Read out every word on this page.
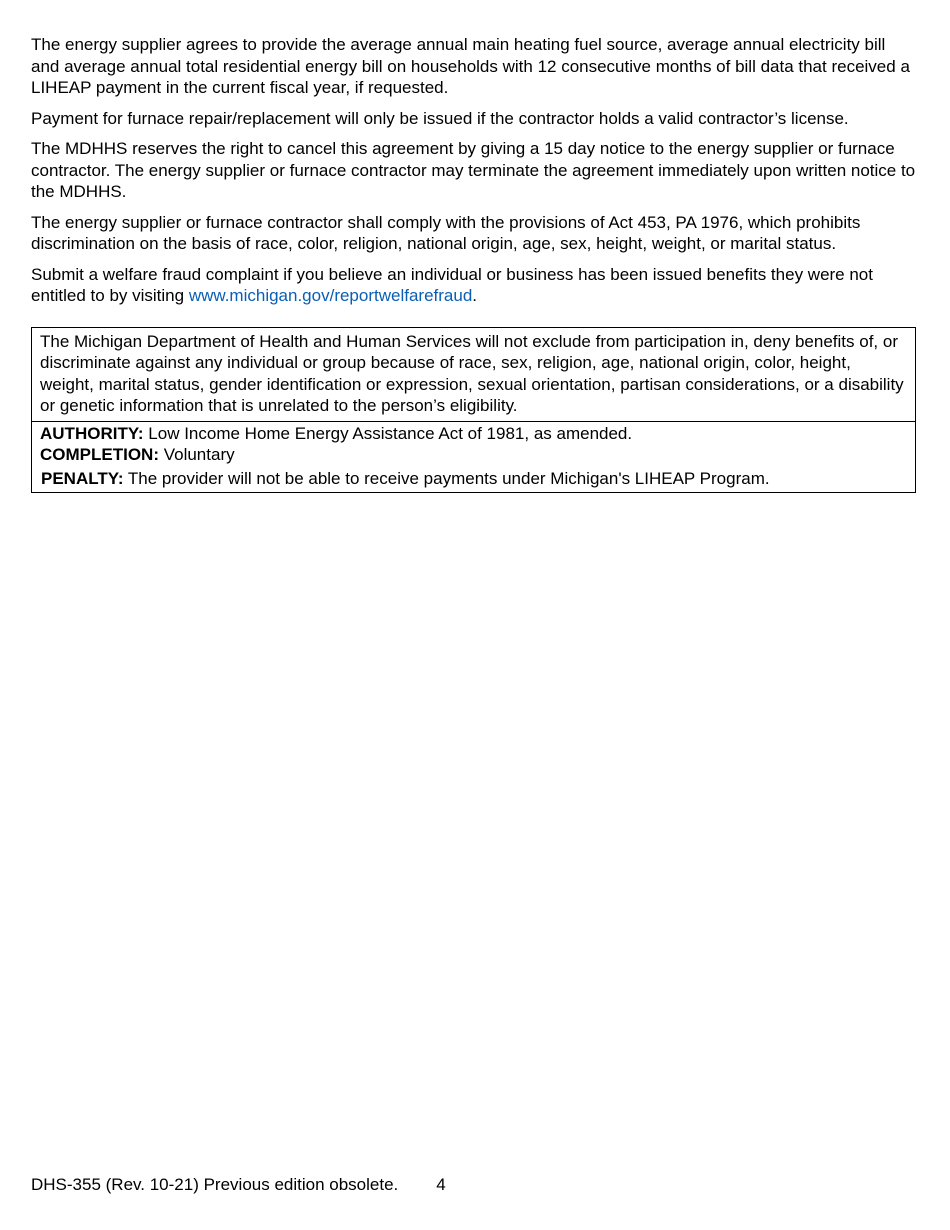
The energy supplier agrees to provide the average annual main heating fuel source, average annual electricity bill and average annual total residential energy bill on households with 12 consecutive months of bill data that received a LIHEAP payment in the current fiscal year, if requested.

Payment for furnace repair/replacement will only be issued if the contractor holds a valid contractor’s license.

The MDHHS reserves the right to cancel this agreement by giving a 15 day notice to the energy supplier or furnace contractor. The energy supplier or furnace contractor may terminate the agreement immediately upon written notice to the MDHHS.

The energy supplier or furnace contractor shall comply with the provisions of Act 453, PA 1976, which prohibits discrimination on the basis of race, color, religion, national origin, age, sex, height, weight, or marital status.

Submit a welfare fraud complaint if you believe an individual or business has been issued benefits they were not entitled to by visiting www.michigan.gov/reportwelfarefraud.

The Michigan Department of Health and Human Services will not exclude from participation in, deny benefits of, or discriminate against any individual or group because of race, sex, religion, age, national origin, color, height, weight, marital status, gender identification or expression, sexual orientation, partisan considerations, or a disability or genetic information that is unrelated to the person’s eligibility.
AUTHORITY: Low Income Home Energy Assistance Act of 1981, as amended.
COMPLETION: Voluntary
PENALTY: The provider will not be able to receive payments under Michigan's LIHEAP Program.
DHS-355 (Rev. 10-21) Previous edition obsolete. 4
